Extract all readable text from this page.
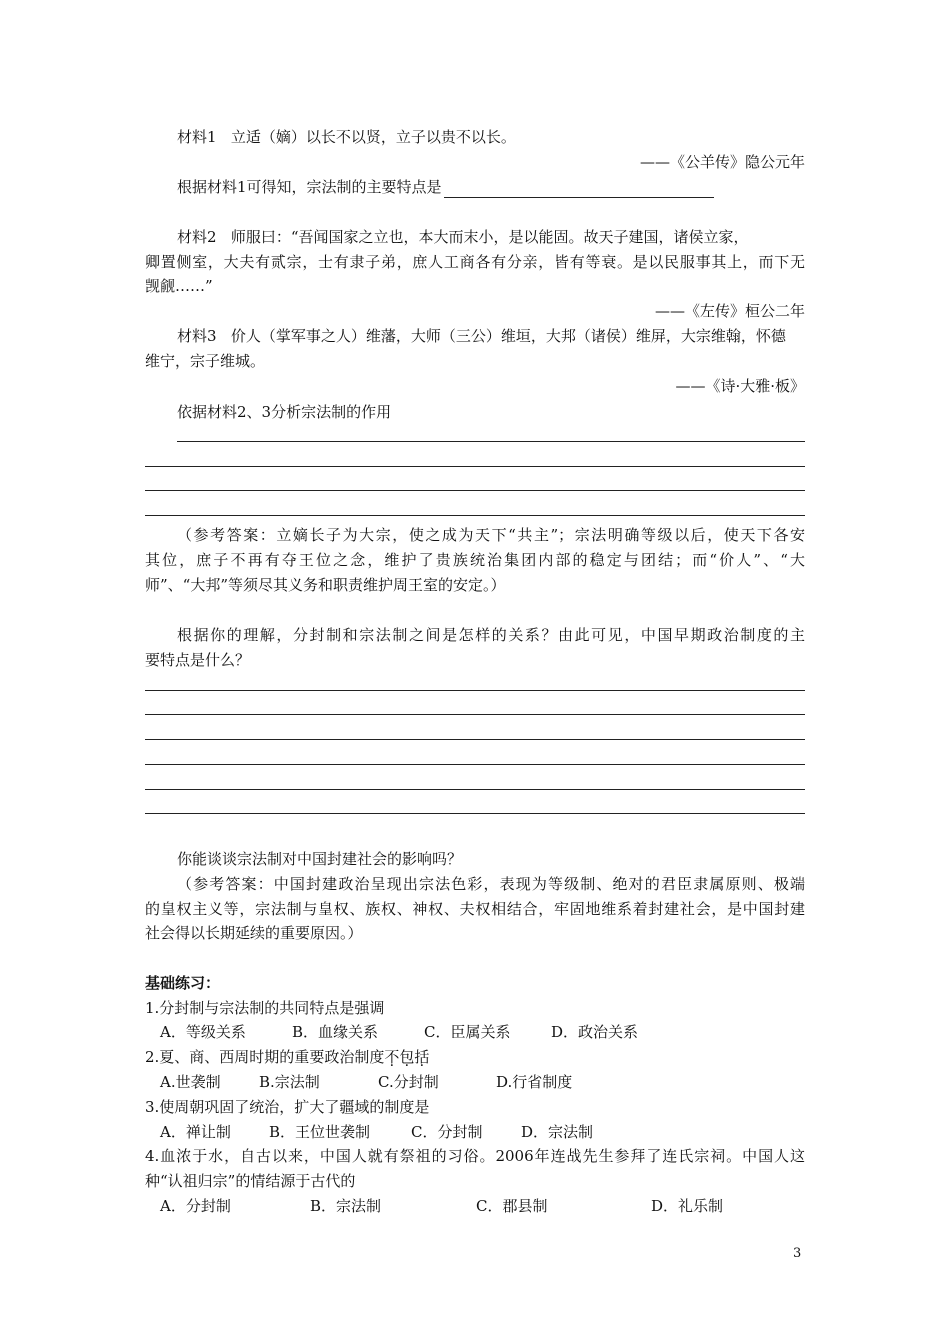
材料1 立适（嫡）以长不以贤，立子以贵不以长。
——《公羊传》隐公元年
根据材料1可得知，宗法制的主要特点是
材料2 师服曰：“吾闻国家之立也，本大而末小，是以能固。故天子建国，诸侯立家，
卿置侧室，大夫有贰宗，士有隶子弟，庶人工商各有分亲，皆有等衰。是以民服事其上，而下无
觊觎……”
——《左传》桓公二年
材料3 价人（掌军事之人）维藩，大师（三公）维垣，大邦（诸侯）维屏，大宗维翰，怀德
维宁，宗子维城。
——《诗·大雅·板》
依据材料2、3分析宗法制的作用
（参考答案：立嫡长子为大宗，使之成为天下“共主”；宗法明确等级以后，使天下各安
其位，庶子不再有夺王位之念，维护了贵族统治集团内部的稳定与团结；而“价人”、“大
师”、“大邦”等须尽其义务和职责维护周王室的安定。）
根据你的理解，分封制和宗法制之间是怎样的关系？由此可见，中国早期政治制度的主
要特点是什么？
你能谈谈宗法制对中国封建社会的影响吗？
（参考答案：中国封建政治呈现出宗法色彩，表现为等级制、绝对的君臣隶属原则、极端
的皇权主义等，宗法制与皇权、族权、神权、夫权相结合，牢固地维系着封建社会，是中国封建
社会得以长期延续的重要原因。）
基础练习：
1.分封制与宗法制的共同特点是强调
A．等级关系	B．血缘关系	C．臣属关系	D．政治关系
2.夏、商、西周时期的重要政治制度不包括
A.世袭制	B.宗法制	C.分封制	D.行省制度
3.使周朝巩固了统治，扩大了疆域的制度是
A．禅让制	B．王位世袭制	C．分封制	D．宗法制
4.血浓于水，自古以来，中国人就有祭祖的习俗。2006年连战先生参拜了连氏宗祠。中国人这
种“认祖归宗”的情结源于古代的
A．分封制	B．宗法制	C．郡县制	D．礼乐制
3
